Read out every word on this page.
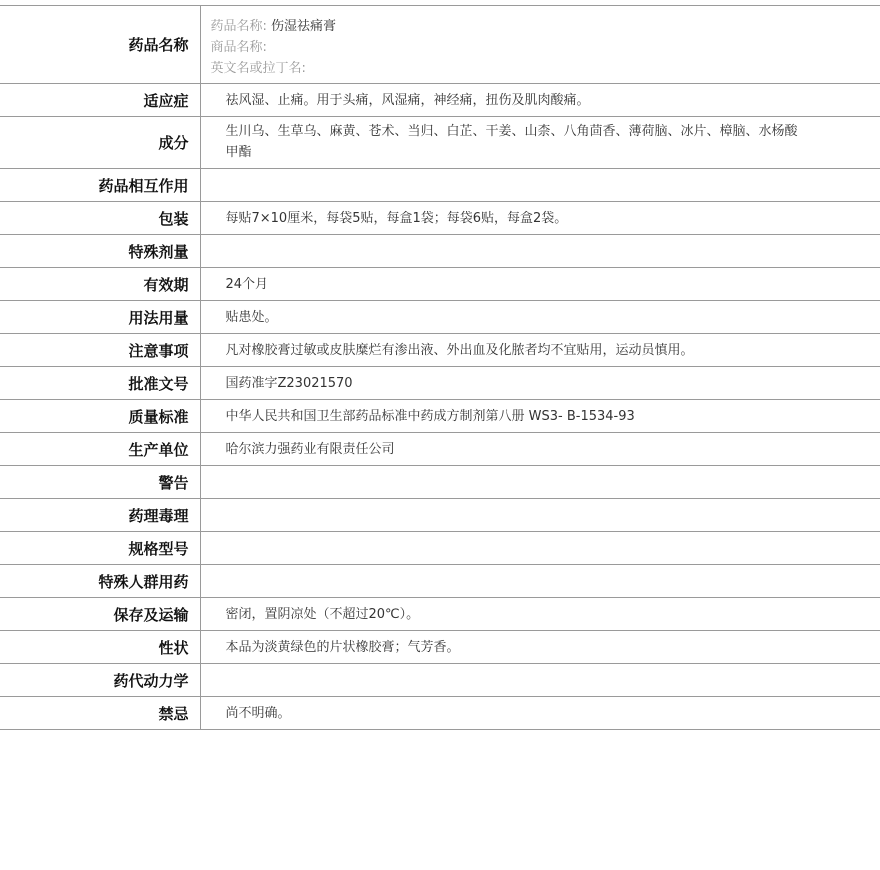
药品名称	药品名称: 伤湿祛痛膏
商品名称:
英文名或拉丁名:

适应症	祛风湿、止痛。用于头痛，风湿痛，神经痛，扭伤及肌肉酸痛。
成分	生川乌、生草乌、麻黄、苍术、当归、白芷、干姜、山柰、八角茴香、薄荷脑、冰片、樟脑、水杨酸甲酯
药品相互作用	
包装	每贴7×10厘米，每袋5贴，每盒1袋；每袋6贴，每盒2袋。
特殊剂量	
有效期	24个月
用法用量	贴患处。
注意事项	凡对橡胶膏过敏或皮肤糜烂有渗出液、外出血及化脓者均不宜贴用，运动员慎用。
批准文号	国药准字Z23021570
质量标准	中华人民共和国卫生部药品标准中药成方制剂第八册 WS3- B-1534-93
生产单位	哈尔滨力强药业有限责任公司
警告	
药理毒理	
规格型号	
特殊人群用药	
保存及运输	密闭，置阴凉处（不超过20℃）。
性状	本品为淡黄绿色的片状橡胶膏；气芳香。
药代动力学	
禁忌	尚不明确。
